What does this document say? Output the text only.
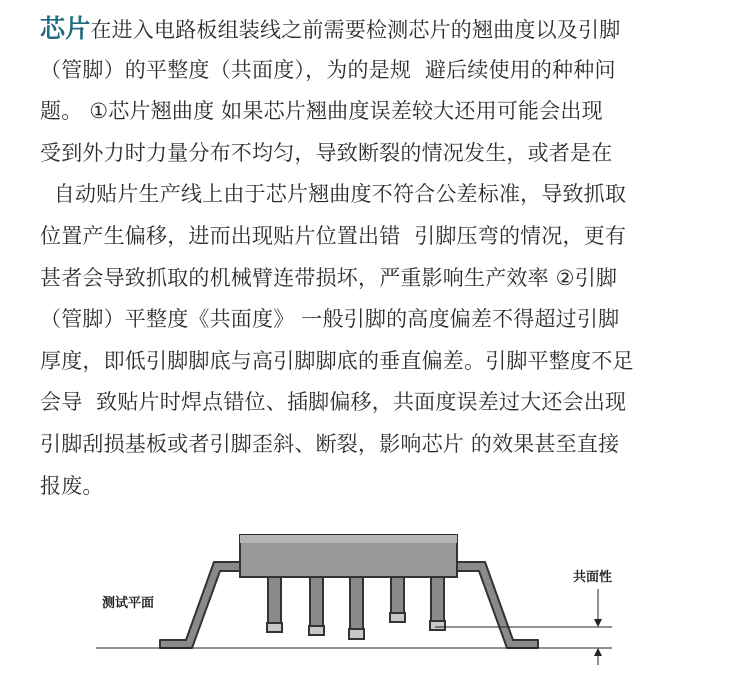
芯片在进入电路板组装线之前需要检测芯片的翘曲度以及引脚
（管脚）的平整度（共面度），为的是规  避后续使用的种种问
题。 ①芯片翘曲度 如果芯片翘曲度误差较大还用可能会出现
受到外力时力量分布不均匀，导致断裂的情况发生，或者是在
自动贴片生产线上由于芯片翘曲度不符合公差标准，导致抓取
位置产生偏移，进而出现贴片位置出错  引脚压弯的情况，更有
甚者会导致抓取的机械臂连带损坏，严重影响生产效率 ②引脚
（管脚）平整度《共面度》 一般引脚的高度偏差不得超过引脚
厚度，即低引脚脚底与高引脚脚底的垂直偏差。引脚平整度不足
会导  致贴片时焊点错位、插脚偏移，共面度误差过大还会出现
引脚刮损基板或者引脚歪斜、断裂，影响芯片 的效果甚至直接
报废。
测试平面
共面性
